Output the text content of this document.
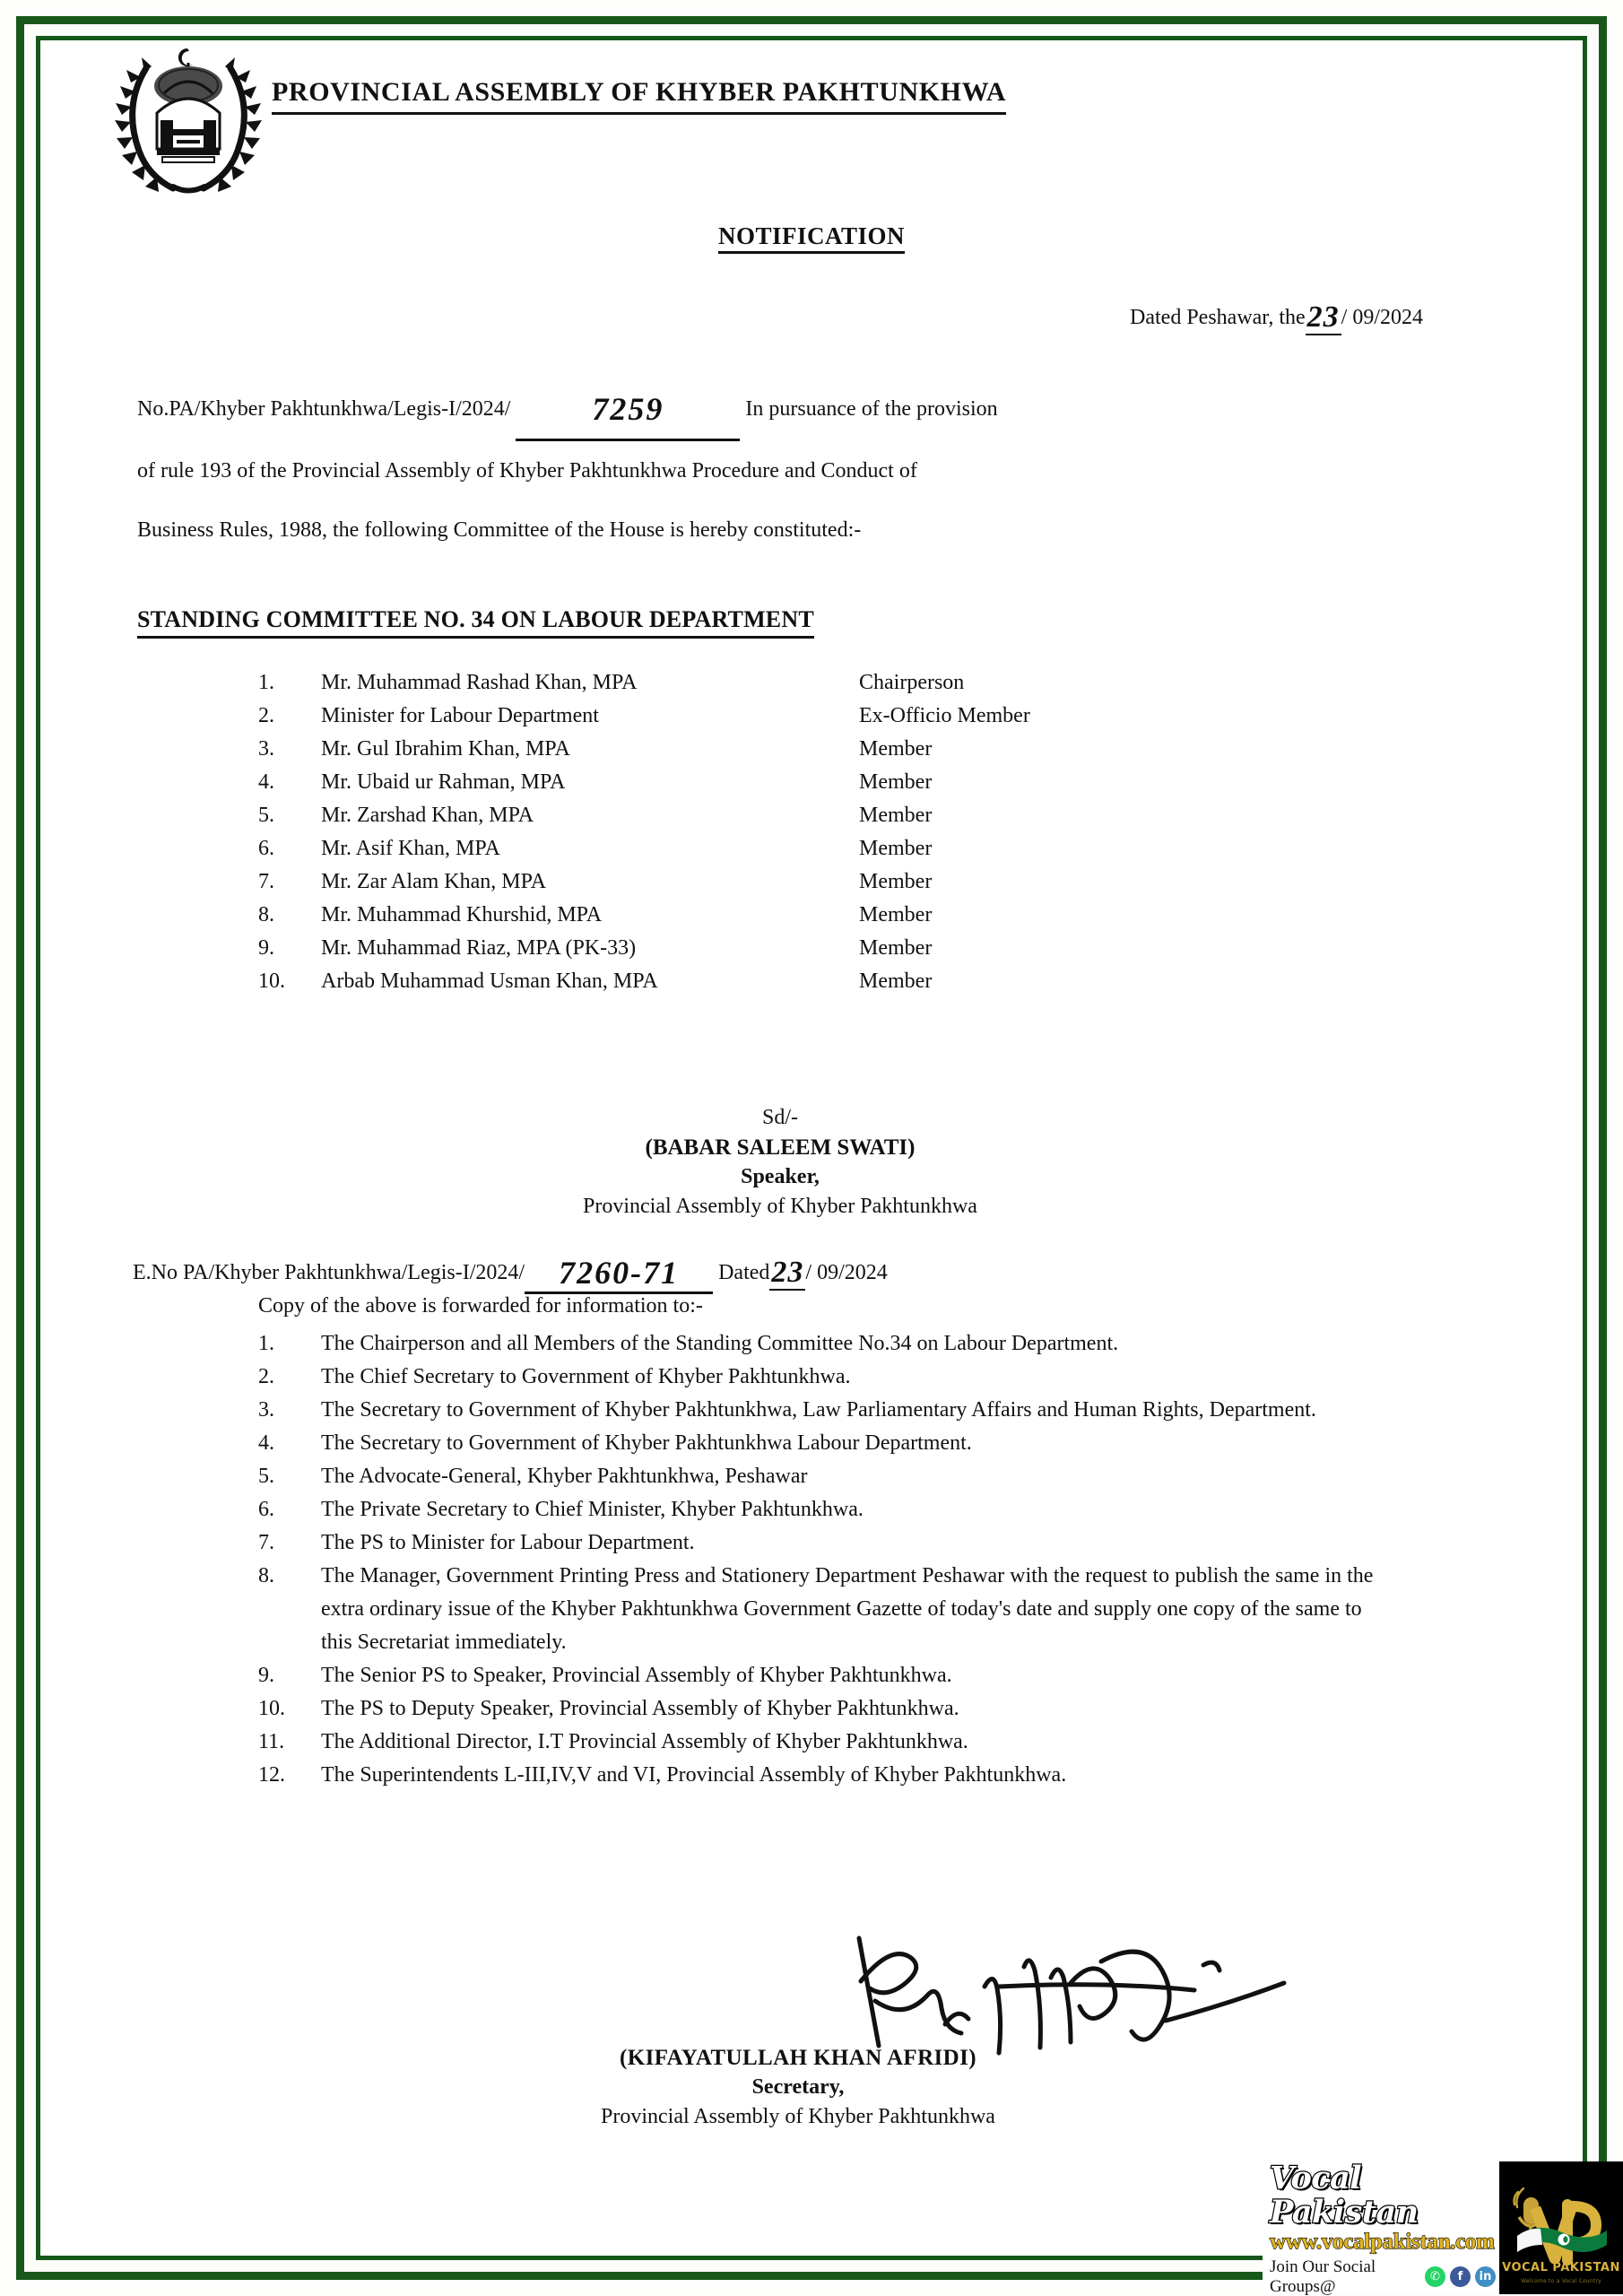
PROVINCIAL ASSEMBLY OF KHYBER PAKHTUNKHWA
NOTIFICATION
Dated Peshawar, the23/ 09/2024
No.PA/Khyber Pakhtunkhwa/Legis-I/2024/	7259	In pursuance of the provision
of rule 193 of the Provincial Assembly of Khyber Pakhtunkhwa Procedure and Conduct of
Business Rules, 1988, the following Committee of the House is hereby constituted:-
STANDING COMMITTEE NO. 34 ON LABOUR DEPARTMENT
1.	Mr. Muhammad Rashad Khan, MPA	Chairperson
2.	Minister for Labour Department	Ex-Officio Member
3.	Mr. Gul Ibrahim Khan, MPA	Member
4.	Mr. Ubaid ur Rahman, MPA	Member
5.	Mr. Zarshad Khan, MPA	Member
6.	Mr. Asif Khan, MPA	Member
7.	Mr. Zar Alam Khan, MPA	Member
8.	Mr. Muhammad Khurshid, MPA	Member
9.	Mr. Muhammad Riaz, MPA (PK-33)	Member
10.	Arbab Muhammad Usman Khan, MPA	Member
Sd/-
(BABAR SALEEM SWATI)
Speaker,
Provincial Assembly of Khyber Pakhtunkhwa
E.No PA/Khyber Pakhtunkhwa/Legis-I/2024/ 7260-71 Dated23/ 09/2024
Copy of the above is forwarded for information to:-
1.	The Chairperson and all Members of the Standing Committee No.34 on Labour Department.
2.	The Chief Secretary to Government of Khyber Pakhtunkhwa.
3.	The Secretary to Government of Khyber Pakhtunkhwa, Law Parliamentary Affairs and Human Rights, Department.
4.	The Secretary to Government of Khyber Pakhtunkhwa Labour Department.
5.	The Advocate-General, Khyber Pakhtunkhwa, Peshawar
6.	The Private Secretary to Chief Minister, Khyber Pakhtunkhwa.
7.	The PS to Minister for Labour Department.
8.	The Manager, Government Printing Press and Stationery Department Peshawar with the request to publish the same in the extra ordinary issue of the Khyber Pakhtunkhwa Government Gazette of today's date and supply one copy of the same to this Secretariat immediately.
9.	The Senior PS to Speaker, Provincial Assembly of Khyber Pakhtunkhwa.
10.	The PS to Deputy Speaker, Provincial Assembly of Khyber Pakhtunkhwa.
11.	The Additional Director, I.T Provincial Assembly of Khyber Pakhtunkhwa.
12.	The Superintendents L-III,IV,V and VI, Provincial Assembly of Khyber Pakhtunkhwa.
(KIFAYATULLAH KHAN AFRIDI)
Secretary,
Provincial Assembly of Khyber Pakhtunkhwa
Vocal Pakistan
www.vocalpakistan.com
Join Our Social Groups@	✆	f	in
VOCAL PAKISTAN
Welcome to a Vocal Country
